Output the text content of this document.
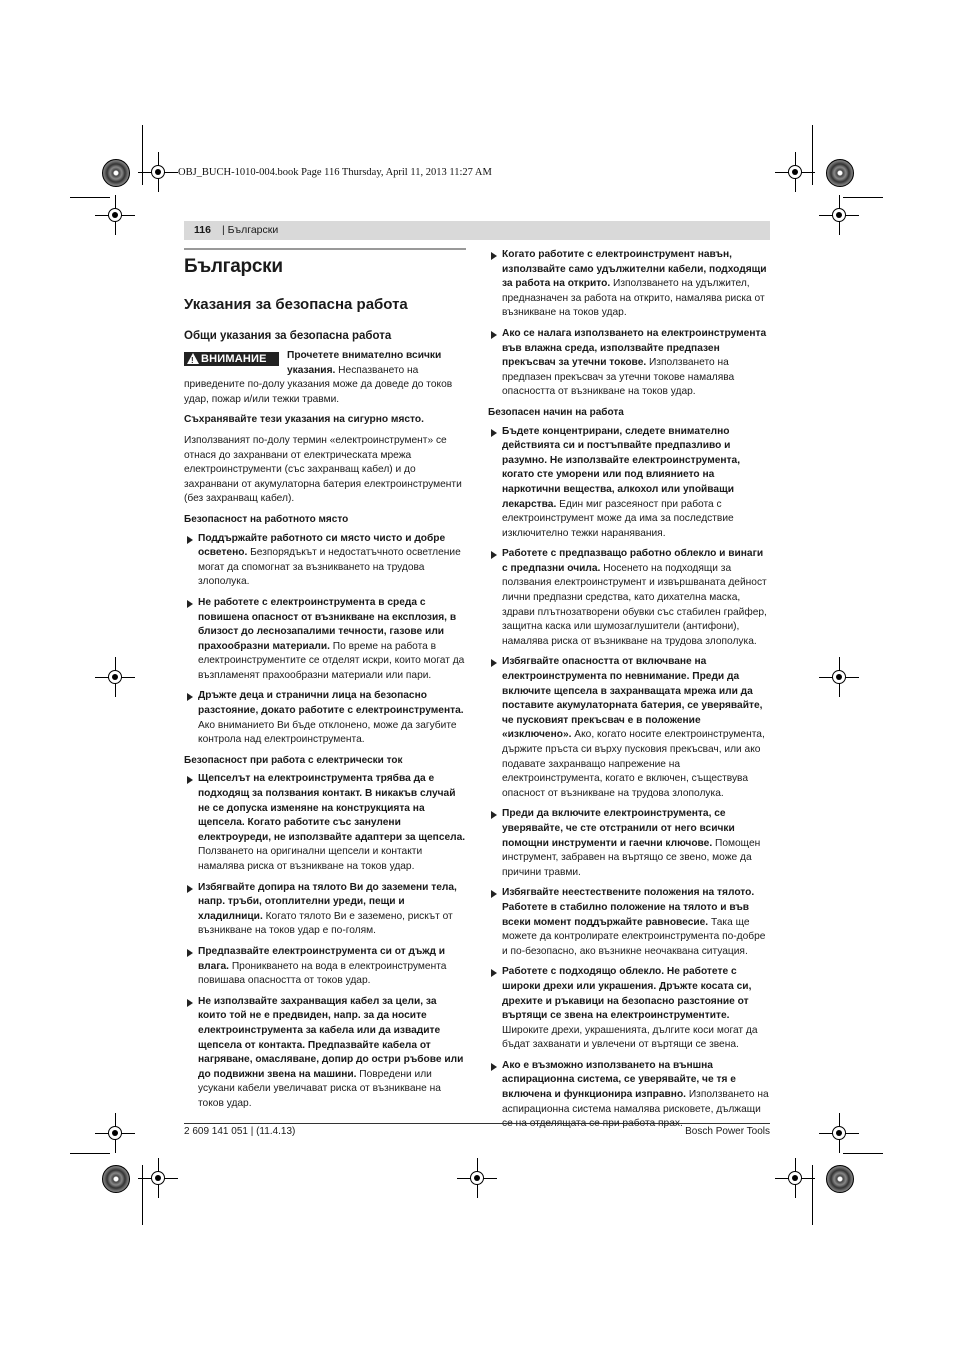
OBJ_BUCH-1010-004.book Page 116 Thursday, April 11, 2013 11:27 AM
116 | Български
Български
Указания за безопасна работа
Общи указания за безопасна работа
!
ВНИМАНИЕ Прочетете внимателно всички указания. Неспазването на приведените по-долу указания може да доведе до токов удар, пожар и/или тежки травми.

Съхранявайте тези указания на сигурно място.

Използваният по-долу термин «електроинструмент» се отнася до захранвани от електрическата мрежа електроинструменти (със захранващ кабел) и до захранвани от акумулаторна батерия електроинструменти (без захранващ кабел).

Безопасност на работното място
Поддържайте работното си място чисто и добре осветено. Безпорядъкът и недостатъчното осветление могат да спомогнат за възникването на трудова злополука.
Не работете с електроинструмента в среда с повишена опасност от възникване на експлозия, в близост до леснозапалими течности, газове или прахообразни материали. По време на работа в електроинструментите се отделят искри, които могат да възпламенят прахообразни материали или пари.
Дръжте деца и странични лица на безопасно разстояние, докато работите с електроинструмента. Ако вниманието Ви бъде отклонено, може да загубите контрола над електроинструмента.
Безопасност при работа с електрически ток
Щепселът на електроинструмента трябва да е подходящ за ползвания контакт. В никакъв случай не се допуска изменяне на конструкцията на щепсела. Когато работите със занулени електроуреди, не използвайте адаптери за щепсела. Ползването на оригинални щепсели и контакти намалява риска от възникване на токов удар.
Избягвайте допира на тялото Ви до заземени тела, напр. тръби, отоплителни уреди, пещи и хладилници. Когато тялото Ви е заземено, рискът от възникване на токов удар е по-голям.
Предпазвайте електроинструмента си от дъжд и влага. Проникването на вода в електроинструмента повишава опасността от токов удар.
Не използвайте захранващия кабел за цели, за които той не е предвиден, напр. за да носите електроинструмента за кабела или да извадите щепсела от контакта. Предпазвайте кабела от нагряване, омасляване, допир до остри ръбове или до подвижни звена на машини. Повредени или усукани кабели увеличават риска от възникване на токов удар.
Когато работите с електроинструмент навън, използвайте само удължителни кабели, подходящи за работа на открито. Използването на удължител, предназначен за работа на открито, намалява риска от възникване на токов удар.
Ако се налага използването на електроинструмента във влажна среда, използвайте предпазен прекъсвач за утечни токове. Използването на предпазен прекъсвач за утечни токове намалява опасността от възникване на токов удар.
Безопасен начин на работа
Бъдете концентрирани, следете внимателно действията си и постъпвайте предпазливо и разумно. Не използвайте електроинструмента, когато сте уморени или под влиянието на наркотични вещества, алкохол или упойващи лекарства. Един миг разсеяност при работа с електроинструмент може да има за последствие изключително тежки наранявания.
Работете с предпазващо работно облекло и винаги с предпазни очила. Носенето на подходящи за ползвания електроинструмент и извършваната дейност лични предпазни средства, като дихателна маска, здрави плътнозатворени обувки със стабилен грайфер, защитна каска или шумозаглушители (антифони), намалява риска от възникване на трудова злополука.
Избягвайте опасността от включване на електроинструмента по невнимание. Преди да включите щепсела в захранващата мрежа или да поставите акумулаторната батерия, се уверявайте, че пусковият прекъсвач е в положение «изключено». Ако, когато носите електроинструмента, държите пръста си върху пусковия прекъсвач, или ако подавате захранващо напрежение на електроинструмента, когато е включен, съществува опасност от възникване на трудова злополука.
Преди да включите електроинструмента, се уверявайте, че сте отстранили от него всички помощни инструменти и гаечни ключове. Помощен инструмент, забравен на въртящо се звено, може да причини травми.
Избягвайте неестествените положения на тялото. Работете в стабилно положение на тялото и във всеки момент поддържайте равновесие. Така ще можете да контролирате електроинструмента по-добре и по-безопасно, ако възникне неочаквана ситуация.
Работете с подходящо облекло. Не работете с широки дрехи или украшения. Дръжте косата си, дрехите и ръкавици на безопасно разстояние от въртящи се звена на електроинструментите. Широките дрехи, украшенията, дългите коси могат да бъдат захванати и увлечени от въртящи се звена.
Ако е възможно използването на външна аспирационна система, се уверявайте, че тя е включена и функционира изправно. Използването на аспирационна система намалява рисковете, дължащи се на отделящата се при работа прах.
2 609 141 051 | (11.4.13)	Bosch Power Tools
